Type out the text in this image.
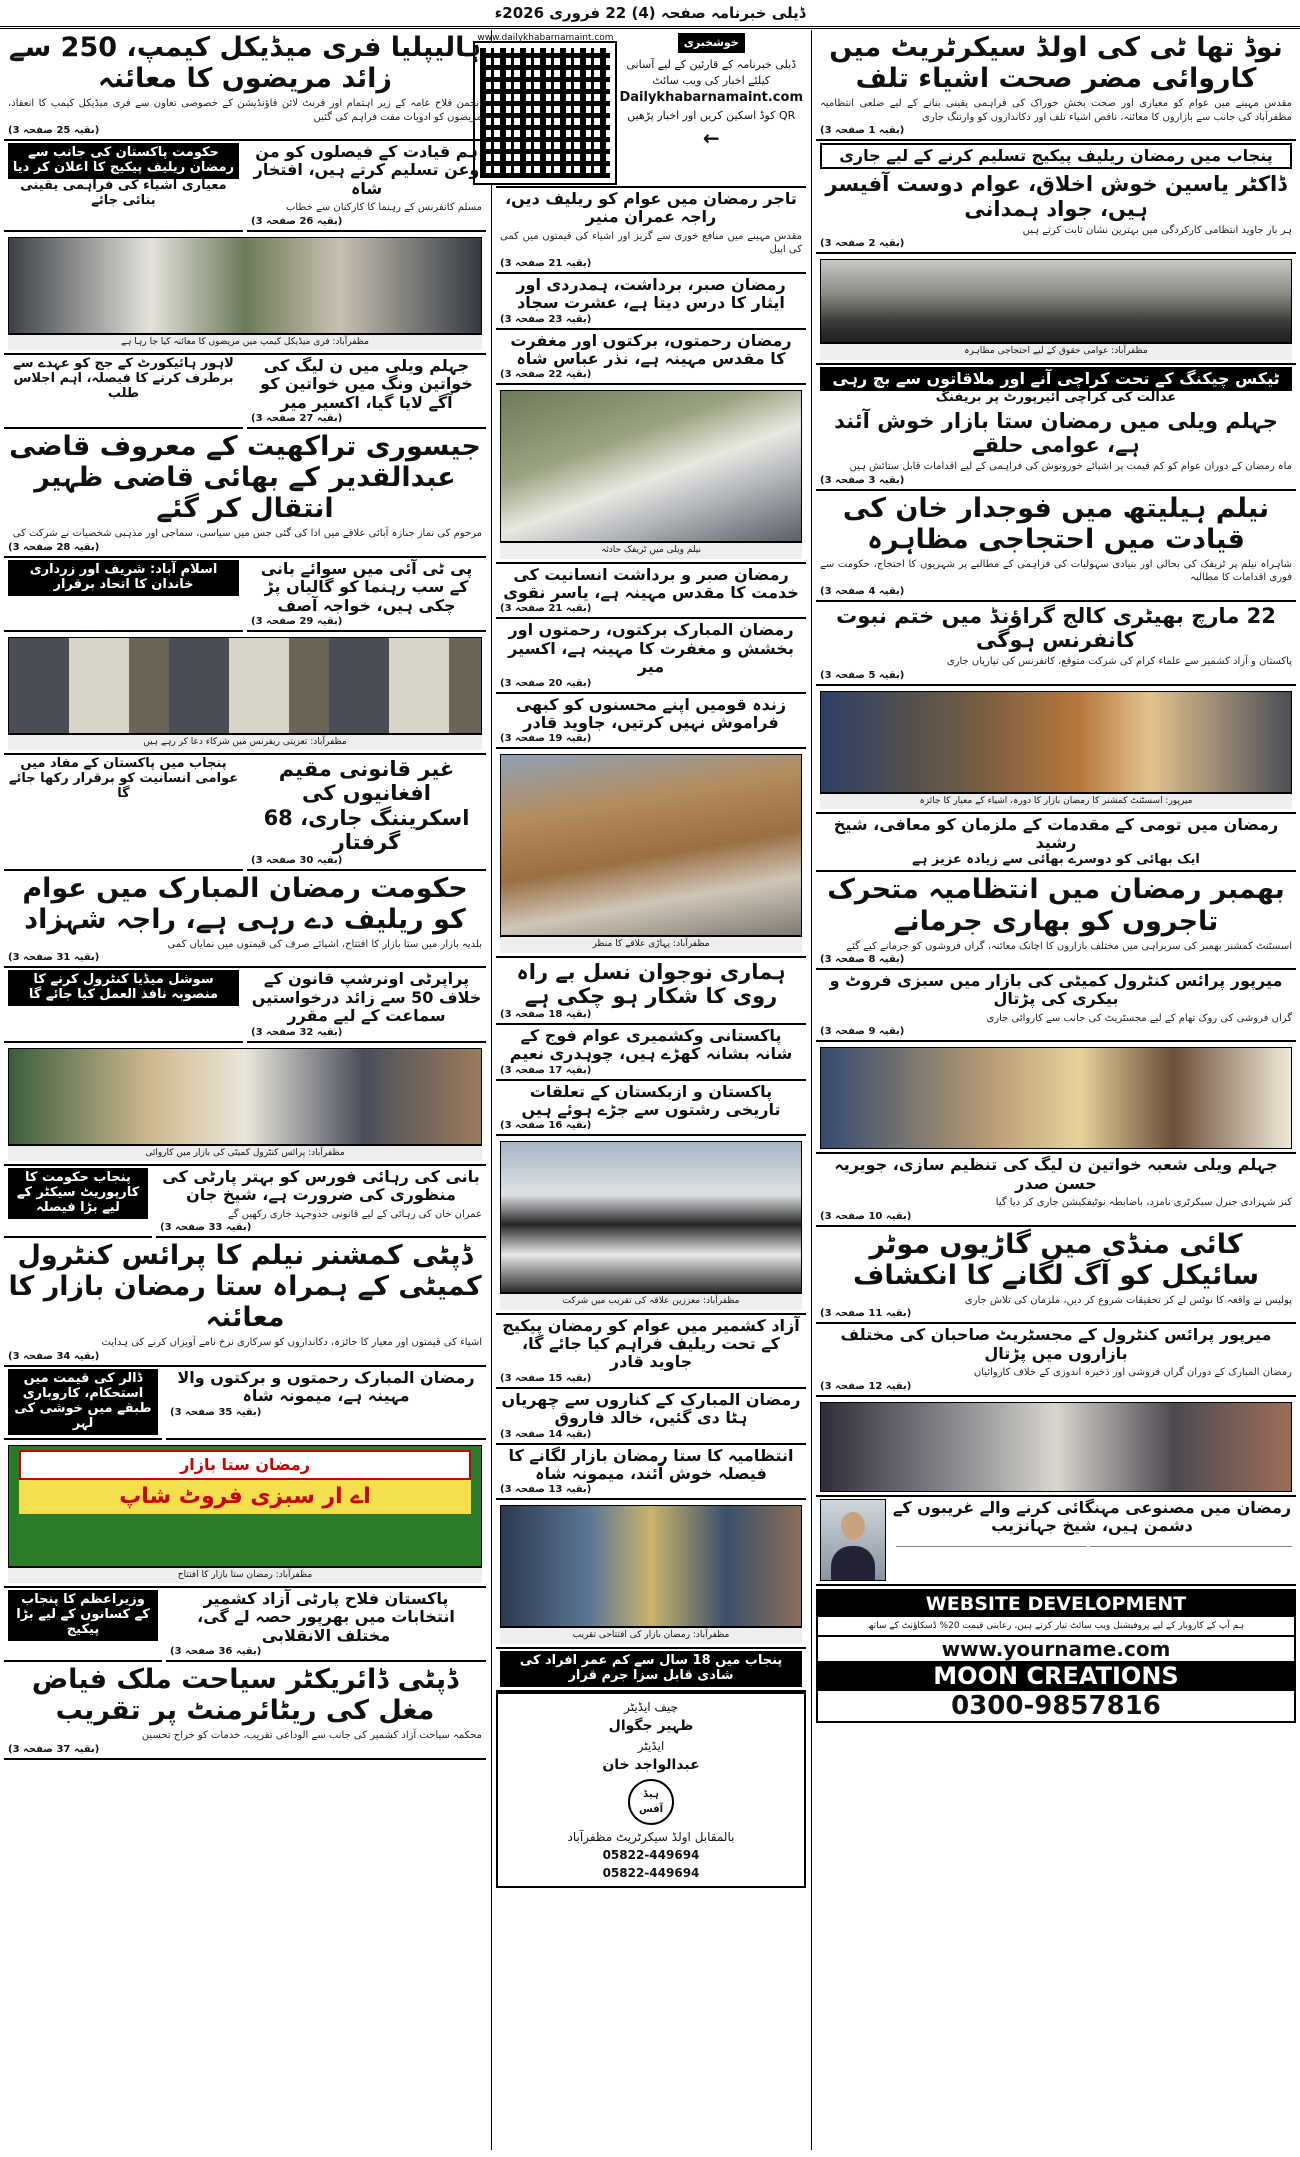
ڈیلی خبرنامہ صفحہ (4) 22 فروری 2026ء
نوڈ تھا ٹی کی اولڈ سیکرٹریٹ میں کاروائی مضر صحت اشیاء تلف
مقدس مہینے میں عوام کو معیاری اور صحت بخش خوراک کی فراہمی یقینی بنانے کے لیے ضلعی انتظامیہ مظفرآباد کی جانب سے بازاروں کا معائنہ، ناقص اشیاء تلف اور دکانداروں کو وارننگ جاری
(بقیہ 1 صفحہ 3)
پنجاب میں رمضان ریلیف پیکیج تسلیم کرنے کے لیے جاری
ڈاکٹر یاسین خوش اخلاق، عوام دوست آفیسر ہیں، جواد ہمدانی
ہر بار جاوید انتظامی کارکردگی میں بہترین نشان ثابت کرتے ہیں
(بقیہ 2 صفحہ 3)
مظفرآباد: عوامی حقوق کے لیے احتجاجی مظاہرہ
ٹیکس چیکنگ کے تحت کراچی آنے اور ملاقاتوں سے بچ رہی
عدالت کی کراچی ائیرپورٹ پر بریفنگ
جہلم ویلی میں رمضان ستا بازار خوش آئند ہے، عوامی حلقے
ماہ رمضان کے دوران عوام کو کم قیمت پر اشیائے خورونوش کی فراہمی کے لیے اقدامات قابل ستائش ہیں
(بقیہ 3 صفحہ 3)
نیلم ہیلیتھ میں فوجدار خان کی قیادت میں احتجاجی مظاہرہ
شاہراہ نیلم پر ٹریفک کی بحالی اور بنیادی سہولیات کی فراہمی کے مطالبے پر شہریوں کا احتجاج، حکومت سے فوری اقدامات کا مطالبہ
(بقیہ 4 صفحہ 3)
22 مارچ بھیٹری کالج گراؤنڈ میں ختم نبوت کانفرنس ہوگی
پاکستان و آزاد کشمیر سے علماء کرام کی شرکت متوقع، کانفرنس کی تیاریاں جاری
(بقیہ 5 صفحہ 3)
میرپور: اسسٹنٹ کمشنر کا رمضان بازار کا دورہ، اشیاء کے معیار کا جائزہ
رمضان میں تومی کے مقدمات کے ملزمان کو معافی، شیخ رشید
ایک بھائی کو دوسرے بھائی سے زیادہ عزیز ہے
بھمبر رمضان میں انتظامیہ متحرک تاجروں کو بھاری جرمانے
اسسٹنٹ کمشنر بھمبر کی سربراہی میں مختلف بازاروں کا اچانک معائنہ، گراں فروشوں کو جرمانے کیے گئے
(بقیہ 8 صفحہ 3)
میرپور پرائس کنٹرول کمیٹی کی بازار میں سبزی فروٹ و بیکری کی پڑتال
گراں فروشی کی روک تھام کے لیے مجسٹریٹ کی جانب سے کاروائی جاری
(بقیہ 9 صفحہ 3)
جہلم ویلی شعبہ خواتین ن لیگ کی تنظیم سازی، جویریہ حسن صدر
کنز شہزادی جنرل سیکرٹری نامزد، باضابطہ نوٹیفکیشن جاری کر دیا گیا
(بقیہ 10 صفحہ 3)
کائی منڈی میں گاڑیوں موٹر سائیکل کو آگ لگانے کا انکشاف
پولیس نے واقعہ کا نوٹس لے کر تحقیقات شروع کر دیں، ملزمان کی تلاش جاری
(بقیہ 11 صفحہ 3)
میرپور پرائس کنٹرول کے مجسٹریٹ صاحبان کی مختلف بازاروں میں پڑتال
رمضان المبارک کے دوران گراں فروشی اور ذخیرہ اندوزی کے خلاف کاروائیاں
(بقیہ 12 صفحہ 3)
رمضان میں مصنوعی مہنگائی کرنے والے غریبوں کے دشمن ہیں، شیخ جہانزیب
ـــــــــــــــــــــــــــــــــــــــــــــــــــــــــــــــــــــ ـــــــــــــــــــــــــــــــــــــــــــــــــــــــــــــــــ
WEBSITE DEVELOPMENT
ہم آپ کے کاروبار کے لیے پروفیشنل ویب سائٹ تیار کرتے ہیں، رعایتی قیمت 20% ڈسکاؤنٹ کے ساتھ
www.yourname.com
MOON CREATIONS
0300-9857816
خوشخبری
ڈیلی خبرنامہ کے قارئین کے لیے آسانی
کیلئے اخبار کی ویب سائٹ
Dailykhabarnamaint.com
QR کوڈ اسکین کریں اور اخبار پڑھیں
←
www.dailykhabarnamaint.com
تاجر رمضان میں عوام کو ریلیف دیں، راجہ عمران منیر
مقدس مہینے میں منافع خوری سے گریز اور اشیاء کی قیمتوں میں کمی کی اپیل
(بقیہ 21 صفحہ 3)
رمضان صبر، برداشت، ہمدردی اور ایثار کا درس دیتا ہے، عشرت سجاد
(بقیہ 23 صفحہ 3)
رمضان رحمتوں، برکتوں اور مغفرت کا مقدس مہینہ ہے، نذر عباس شاہ
(بقیہ 22 صفحہ 3)
نیلم ویلی میں ٹریفک حادثہ
رمضان صبر و برداشت انسانیت کی خدمت کا مقدس مہینہ ہے، یاسر نقوی
(بقیہ 21 صفحہ 3)
رمضان المبارک برکتوں، رحمتوں اور بخشش و مغفرت کا مہینہ ہے، اکسیر میر
(بقیہ 20 صفحہ 3)
زندہ قومیں اپنے محسنوں کو کبھی فراموش نہیں کرتیں، جاوید قادر
(بقیہ 19 صفحہ 3)
مظفرآباد: پہاڑی علاقے کا منظر
ہماری نوجوان نسل بے راہ روی کا شکار ہو چکی ہے
(بقیہ 18 صفحہ 3)
پاکستانی وکشمیری عوام فوج کے شانہ بشانہ کھڑے ہیں، چوہدری نعیم
(بقیہ 17 صفحہ 3)
پاکستان و ازبکستان کے تعلقات تاریخی رشتوں سے جڑے ہوئے ہیں
(بقیہ 16 صفحہ 3)
مظفرآباد: معززین علاقہ کی تقریب میں شرکت
آزاد کشمیر میں عوام کو رمضان پیکیج کے تحت ریلیف فراہم کیا جائے گا، جاوید قادر
(بقیہ 15 صفحہ 3)
رمضان المبارک کے کناروں سے چھریاں ہٹا دی گئیں، خالد فاروق
(بقیہ 14 صفحہ 3)
انتظامیہ کا ستا رمضان بازار لگانے کا فیصلہ خوش آئند، میمونہ شاہ
(بقیہ 13 صفحہ 3)
مظفرآباد: رمضان بازار کی افتتاحی تقریب
پنجاب میں 18 سال سے کم عمر افراد کی شادی قابل سزا جرم قرار
چیف ایڈیٹر
ظہیر جگوال
ایڈیٹر
عبدالواجد خان
ہیڈ آفس
بالمقابل اولڈ سیکرٹریٹ مظفرآباد
05822-449694
05822-449694
ہالیپلیا فری میڈیکل کیمپ، 250 سے زائد مریضوں کا معائنہ
انجمن فلاح عامہ کے زیر اہتمام اور فرنٹ لائن فاؤنڈیشن کے خصوصی تعاون سے فری میڈیکل کیمپ کا انعقاد، مریضوں کو ادویات مفت فراہم کی گئیں
(بقیہ 25 صفحہ 3)
ہم قیادت کے فیصلوں کو من وعن تسلیم کرتے ہیں، افتخار شاہ
مسلم کانفرنس کے رہنما کا کارکنان سے خطاب
(بقیہ 26 صفحہ 3)
حکومت پاکستان کی جانب سے رمضان ریلیف پیکیج کا اعلان کر دیا
معیاری اشیاء کی فراہمی یقینی بنائی جائے
مظفرآباد: فری میڈیکل کیمپ میں مریضوں کا معائنہ کیا جا رہا ہے
جہلم ویلی میں ن لیگ کی خواتین ونگ میں خواتین کو آگے لایا گیا، اکسیر میر
(بقیہ 27 صفحہ 3)
لاہور ہائیکورٹ کے جج کو عہدے سے برطرف کرنے کا فیصلہ، اہم اجلاس طلب
جیسوری تراکھیت کے معروف قاضی عبدالقدیر کے بھائی قاضی ظہیر انتقال کر گئے
مرحوم کی نماز جنازہ آبائی علاقے میں ادا کی گئی جس میں سیاسی، سماجی اور مذہبی شخصیات نے شرکت کی
(بقیہ 28 صفحہ 3)
پی ٹی آئی میں سوائے بانی کے سب رہنما کو گالیاں پڑ چکی ہیں، خواجہ آصف
(بقیہ 29 صفحہ 3)
اسلام آباد: شریف اور زرداری خاندان کا اتحاد برقرار
مظفرآباد: تعزیتی ریفرنس میں شرکاء دعا کر رہے ہیں
غیر قانونی مقیم افغانیوں کی اسکریننگ جاری، 68 گرفتار
(بقیہ 30 صفحہ 3)
پنجاب میں پاکستان کے مفاد میں عوامی انسانیت کو برقرار رکھا جائے گا
حکومت رمضان المبارک میں عوام کو ریلیف دے رہی ہے، راجہ شہزاد
بلدیہ بازار میں ستا بازار کا افتتاح، اشیائے صرف کی قیمتوں میں نمایاں کمی
(بقیہ 31 صفحہ 3)
پراپرٹی اونرشپ قانون کے خلاف 50 سے زائد درخواستیں سماعت کے لیے مقرر
(بقیہ 32 صفحہ 3)
سوشل میڈیا کنٹرول کرنے کا منصوبہ نافذ العمل کیا جائے گا
مظفرآباد: پرائس کنٹرول کمیٹی کی بازار میں کاروائی
بانی کی رہائی فورس کو بہتر پارٹی کی منظوری کی ضرورت ہے، شیخ جان
عمران خان کی رہائی کے لیے قانونی جدوجہد جاری رکھیں گے
(بقیہ 33 صفحہ 3)
پنجاب حکومت کا کارپوریٹ سیکٹر کے لیے بڑا فیصلہ
ڈپٹی کمشنر نیلم کا پرائس کنٹرول کمیٹی کے ہمراہ ستا رمضان بازار کا معائنہ
اشیاء کی قیمتوں اور معیار کا جائزہ، دکانداروں کو سرکاری نرخ نامے آویزاں کرنے کی ہدایت
(بقیہ 34 صفحہ 3)
رمضان المبارک رحمتوں و برکتوں والا مہینہ ہے، میمونہ شاہ
(بقیہ 35 صفحہ 3)
ڈالر کی قیمت میں استحکام، کاروباری طبقے میں خوشی کی لہر
رمضان ستا بازار
اے ار سبزی فروٹ شاپ
مظفرآباد: رمضان ستا بازار کا افتتاح
پاکستان فلاح پارٹی آزاد کشمیر انتخابات میں بھرپور حصہ لے گی، مختلف الانقلابی
(بقیہ 36 صفحہ 3)
وزیراعظم کا پنجاب کے کسانوں کے لیے بڑا پیکیج
ڈپٹی ڈائریکٹر سیاحت ملک فیاض مغل کی ریٹائرمنٹ پر تقریب
محکمہ سیاحت آزاد کشمیر کی جانب سے الوداعی تقریب، خدمات کو خراج تحسین
(بقیہ 37 صفحہ 3)
